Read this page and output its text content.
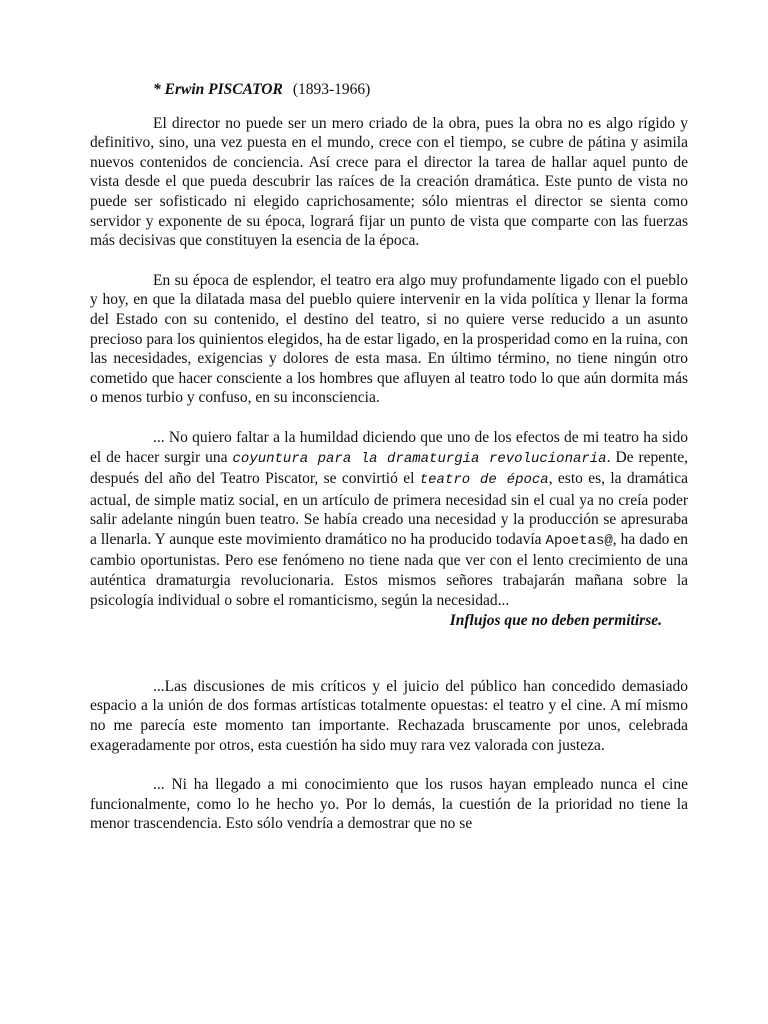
* Erwin PISCATOR (1893-1966)

El director no puede ser un mero criado de la obra, pues la obra no es algo rígido y definitivo, sino, una vez puesta en el mundo, crece con el tiempo, se cubre de pátina y asimila nuevos contenidos de conciencia. Así crece para el director la tarea de hallar aquel punto de vista desde el que pueda descubrir las raíces de la creación dramática. Este punto de vista no puede ser sofisticado ni elegido caprichosamente; sólo mientras el director se sienta como servidor y exponente de su época, logrará fijar un punto de vista que comparte con las fuerzas más decisivas que constituyen la esencia de la época.

En su época de esplendor, el teatro era algo muy profundamente ligado con el pueblo y hoy, en que la dilatada masa del pueblo quiere intervenir en la vida política y llenar la forma del Estado con su contenido, el destino del teatro, si no quiere verse reducido a un asunto precioso para los quinientos elegidos, ha de estar ligado, en la prosperidad como en la ruina, con las necesidades, exigencias y dolores de esta masa. En último término, no tiene ningún otro cometido que hacer consciente a los hombres que afluyen al teatro todo lo que aún dormita más o menos turbio y confuso, en su inconsciencia.

... No quiero faltar a la humildad diciendo que uno de los efectos de mi teatro ha sido el de hacer surgir una coyuntura para la dramaturgia revolucionaria. De repente, después del año del Teatro Piscator, se convirtió el teatro de época, esto es, la dramática actual, de simple matiz social, en un artículo de primera necesidad sin el cual ya no creía poder salir adelante ningún buen teatro. Se había creado una necesidad y la producción se apresuraba a llenarla. Y aunque este movimiento dramático no ha producido todavía Apoetas@, ha dado en cambio oportunistas. Pero ese fenómeno no tiene nada que ver con el lento crecimiento de una auténtica dramaturgia revolucionaria. Estos mismos señores trabajarán mañana sobre la psicología individual o sobre el romanticismo, según la necesidad...

Influjos que no deben permitirse.

...Las discusiones de mis críticos y el juicio del público han concedido demasiado espacio a la unión de dos formas artísticas totalmente opuestas: el teatro y el cine. A mí mismo no me parecía este momento tan importante. Rechazada bruscamente por unos, celebrada exageradamente por otros, esta cuestión ha sido muy rara vez valorada con justeza.

... Ni ha llegado a mi conocimiento que los rusos hayan empleado nunca el cine funcionalmente, como lo he hecho yo. Por lo demás, la cuestión de la prioridad no tiene la menor trascendencia. Esto sólo vendría a demostrar que no se
